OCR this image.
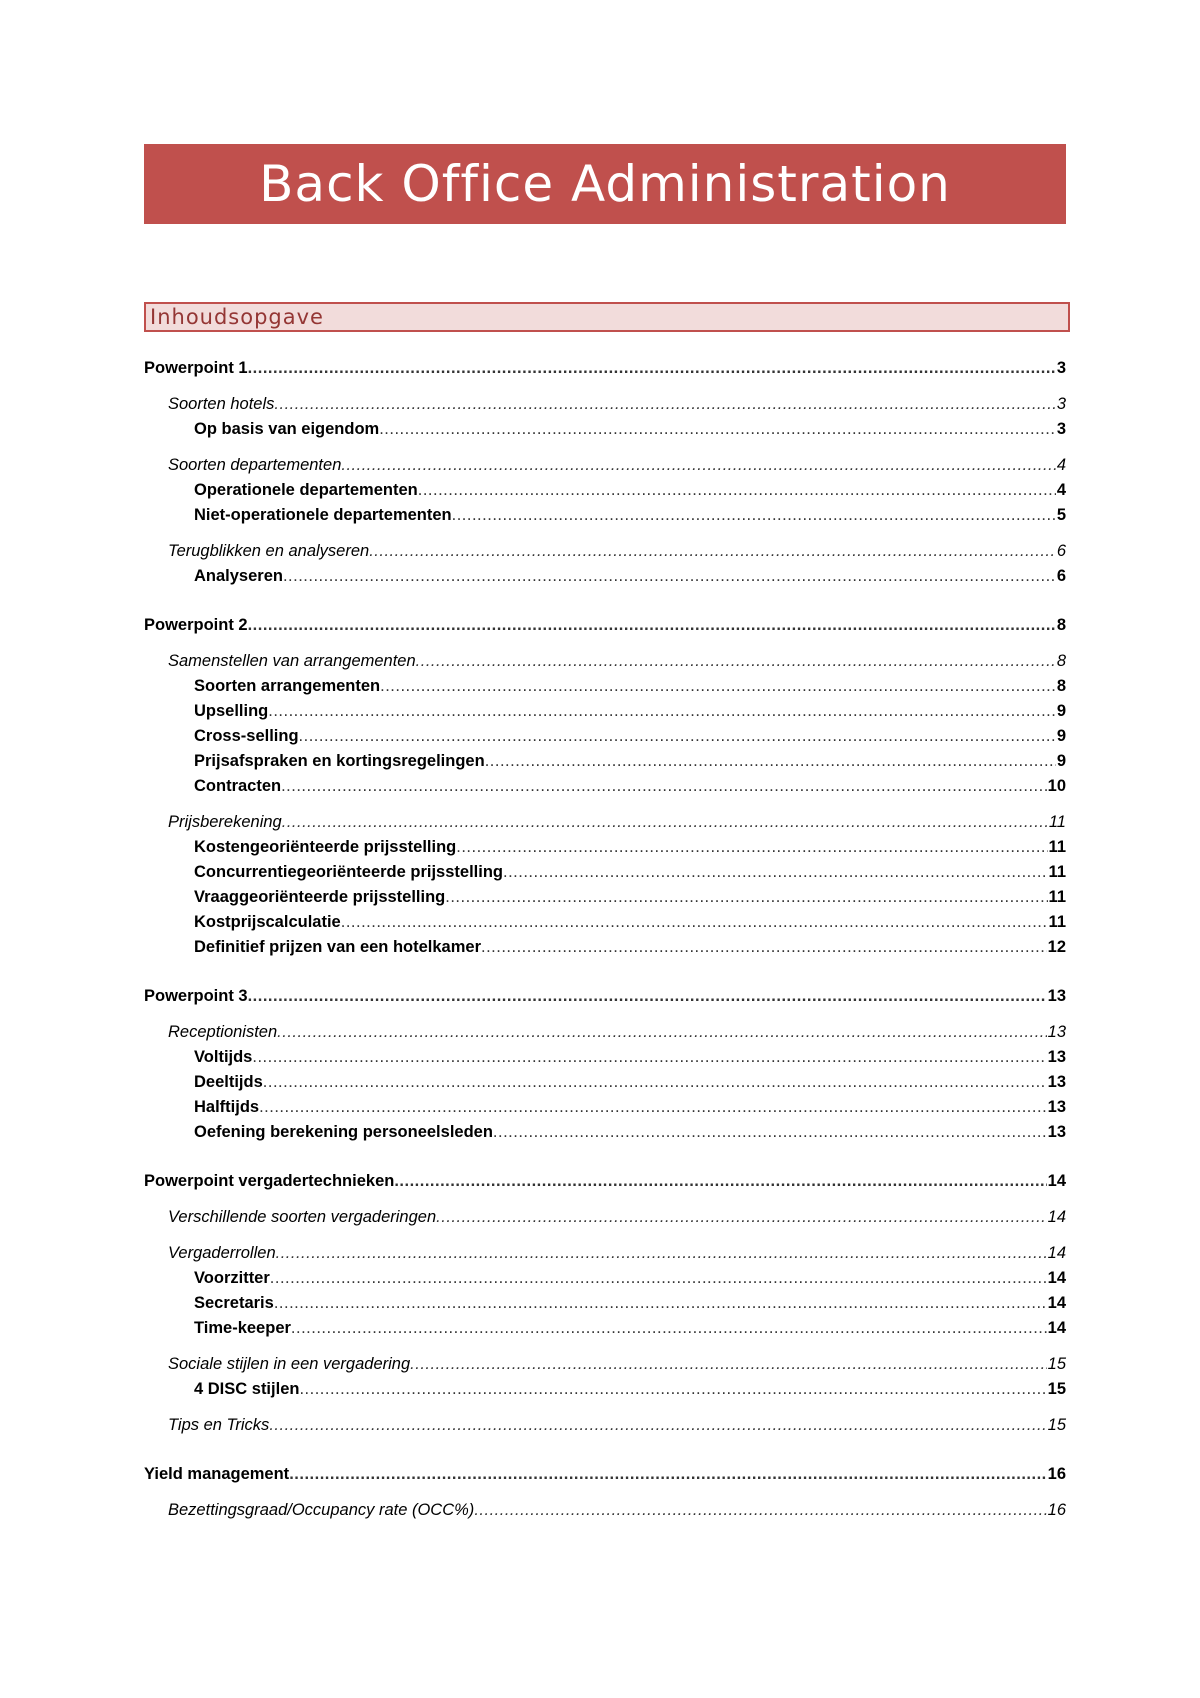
Back Office Administration
Inhoudsopgave
Powerpoint 1 .....	3
Soorten hotels .....	3
Op basis van eigendom .....	3
Soorten departementen .....	4
Operationele departementen .....	4
Niet-operationele departementen .....	5
Terugblikken en analyseren .....	6
Analyseren .....	6
Powerpoint 2 .....	8
Samenstellen van arrangementen .....	8
Soorten arrangementen .....	8
Upselling .....	9
Cross-selling .....	9
Prijsafspraken en kortingsregelingen .....	9
Contracten .....	10
Prijsberekening .....	11
Kostengeoriënteerde prijsstelling .....	11
Concurrentiegeoriënteerde prijsstelling .....	11
Vraaggeoriënteerde prijsstelling .....	11
Kostprijscalculatie .....	11
Definitief prijzen van een hotelkamer .....	12
Powerpoint 3 .....	13
Receptionisten .....	13
Voltijds .....	13
Deeltijds .....	13
Halftijds .....	13
Oefening berekening personeelsleden .....	13
Powerpoint vergadertechnieken .....	14
Verschillende soorten vergaderingen .....	14
Vergaderrollen .....	14
Voorzitter .....	14
Secretaris .....	14
Time-keeper .....	14
Sociale stijlen in een vergadering .....	15
4 DISC stijlen .....	15
Tips en Tricks .....	15
Yield management .....	16
Bezettingsgraad/Occupancy rate (OCC%) .....	16
